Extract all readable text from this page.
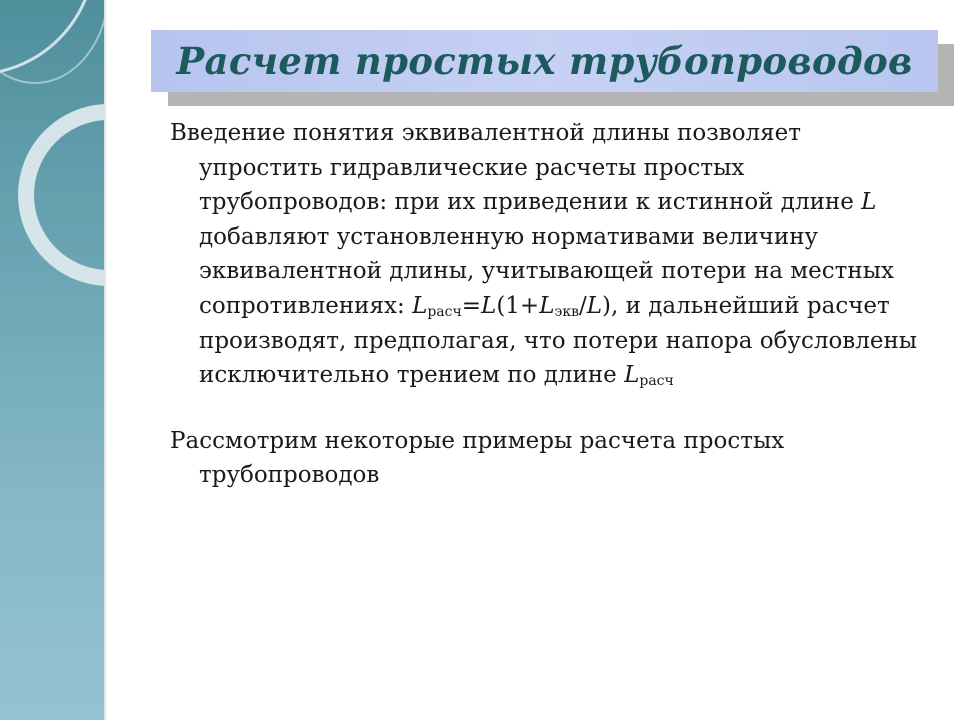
Расчет простых трубопроводов

Введение понятия эквивалентной длины позволяет упростить гидравлические расчеты простых трубопроводов: при их приведении к истинной длине L добавляют установленную нормативами величину эквивалентной длины, учитывающей потери на местных сопротивлениях: $L_{расч}=L(1+L_{экв}/L)$, и дальнейший расчет производят, предполагая, что потери напора обусловлены исключительно трением по длине $L_{расч}$

Рассмотрим некоторые примеры расчета простых трубопроводов
